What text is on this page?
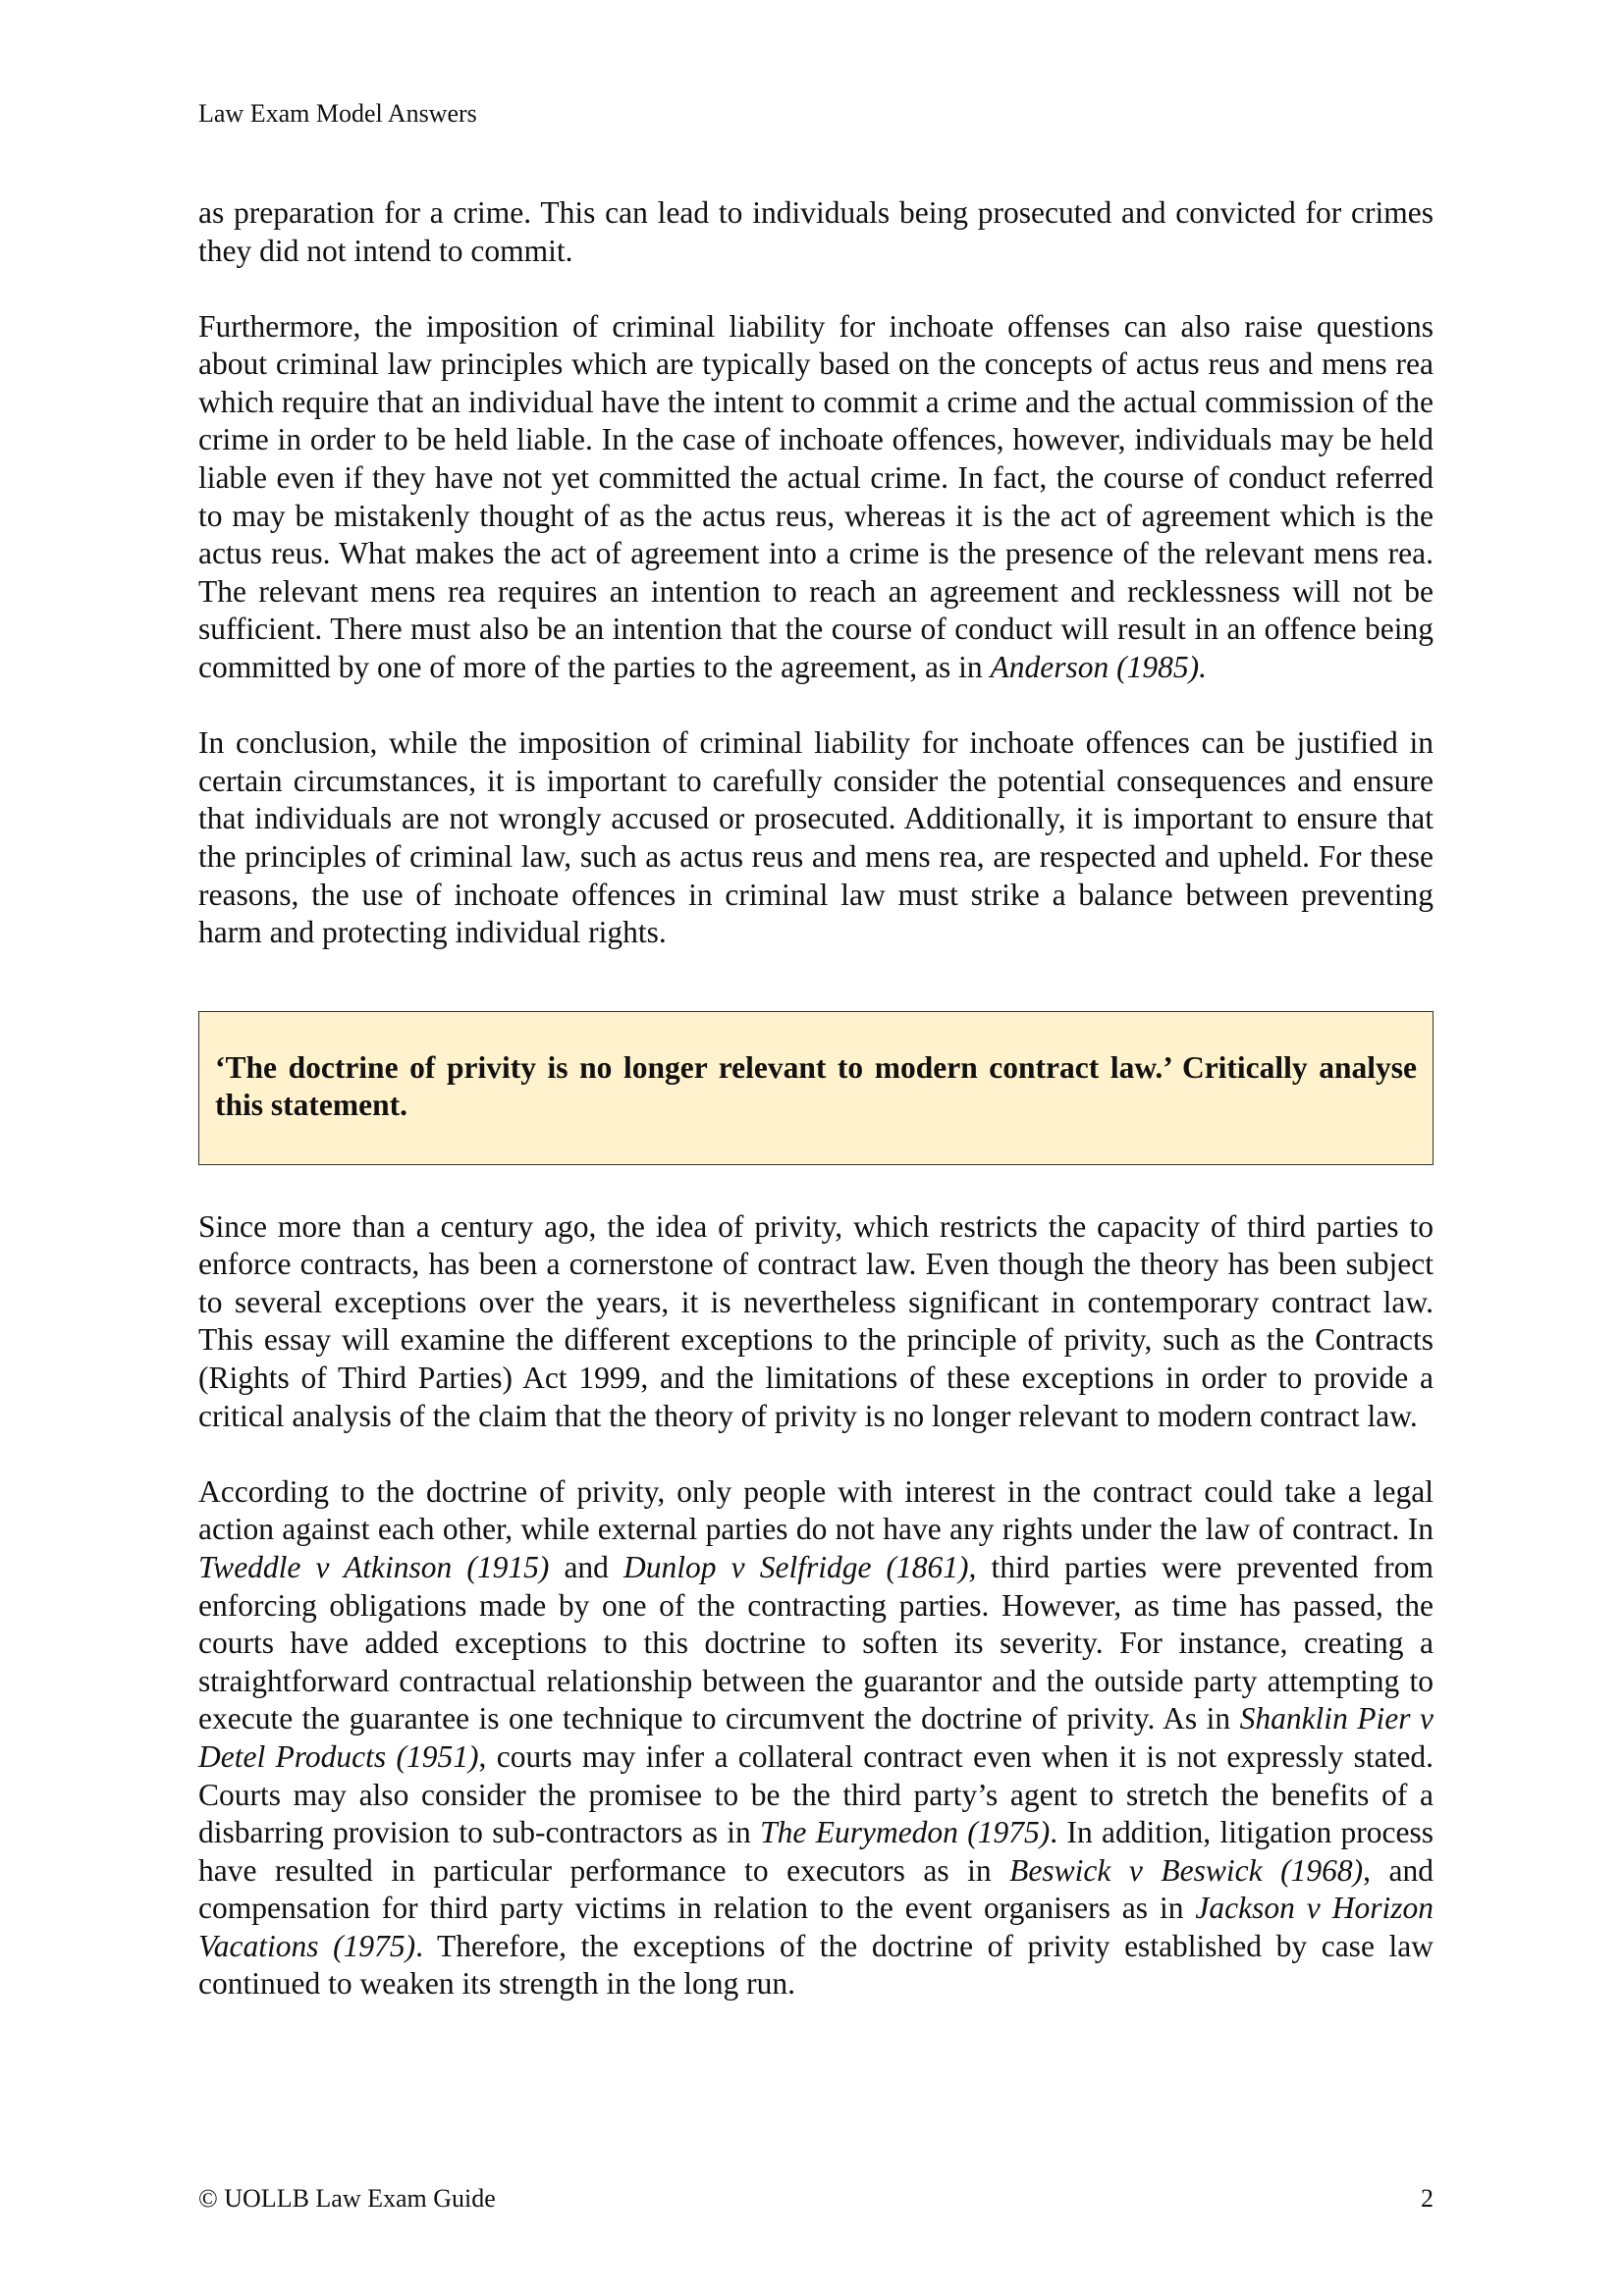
Law Exam Model Answers

as preparation for a crime. This can lead to individuals being prosecuted and convicted for crimes they did not intend to commit.

Furthermore, the imposition of criminal liability for inchoate offenses can also raise questions about criminal law principles which are typically based on the concepts of actus reus and mens rea which require that an individual have the intent to commit a crime and the actual commission of the crime in order to be held liable. In the case of inchoate offences, however, individuals may be held liable even if they have not yet committed the actual crime. In fact, the course of conduct referred to may be mistakenly thought of as the actus reus, whereas it is the act of agreement which is the actus reus. What makes the act of agreement into a crime is the presence of the relevant mens rea. The relevant mens rea requires an intention to reach an agreement and recklessness will not be sufficient. There must also be an intention that the course of conduct will result in an offence being committed by one of more of the parties to the agreement, as in Anderson (1985).

In conclusion, while the imposition of criminal liability for inchoate offences can be justified in certain circumstances, it is important to carefully consider the potential consequences and ensure that individuals are not wrongly accused or prosecuted. Additionally, it is important to ensure that the principles of criminal law, such as actus reus and mens rea, are respected and upheld. For these reasons, the use of inchoate offences in criminal law must strike a balance between preventing harm and protecting individual rights.

‘The doctrine of privity is no longer relevant to modern contract law.’ Critically analyse this statement.

Since more than a century ago, the idea of privity, which restricts the capacity of third parties to enforce contracts, has been a cornerstone of contract law. Even though the theory has been subject to several exceptions over the years, it is nevertheless significant in contemporary contract law. This essay will examine the different exceptions to the principle of privity, such as the Contracts (Rights of Third Parties) Act 1999, and the limitations of these exceptions in order to provide a critical analysis of the claim that the theory of privity is no longer relevant to modern contract law.

According to the doctrine of privity, only people with interest in the contract could take a legal action against each other, while external parties do not have any rights under the law of contract. In Tweddle v Atkinson (1915) and Dunlop v Selfridge (1861), third parties were prevented from enforcing obligations made by one of the contracting parties. However, as time has passed, the courts have added exceptions to this doctrine to soften its severity. For instance, creating a straightforward contractual relationship between the guarantor and the outside party attempting to execute the guarantee is one technique to circumvent the doctrine of privity. As in Shanklin Pier v Detel Products (1951), courts may infer a collateral contract even when it is not expressly stated. Courts may also consider the promisee to be the third party’s agent to stretch the benefits of a disbarring provision to sub-contractors as in The Eurymedon (1975). In addition, litigation process have resulted in particular performance to executors as in Beswick v Beswick (1968), and compensation for third party victims in relation to the event organisers as in Jackson v Horizon Vacations (1975). Therefore, the exceptions of the doctrine of privity established by case law continued to weaken its strength in the long run.

© UOLLB Law Exam Guide	2
